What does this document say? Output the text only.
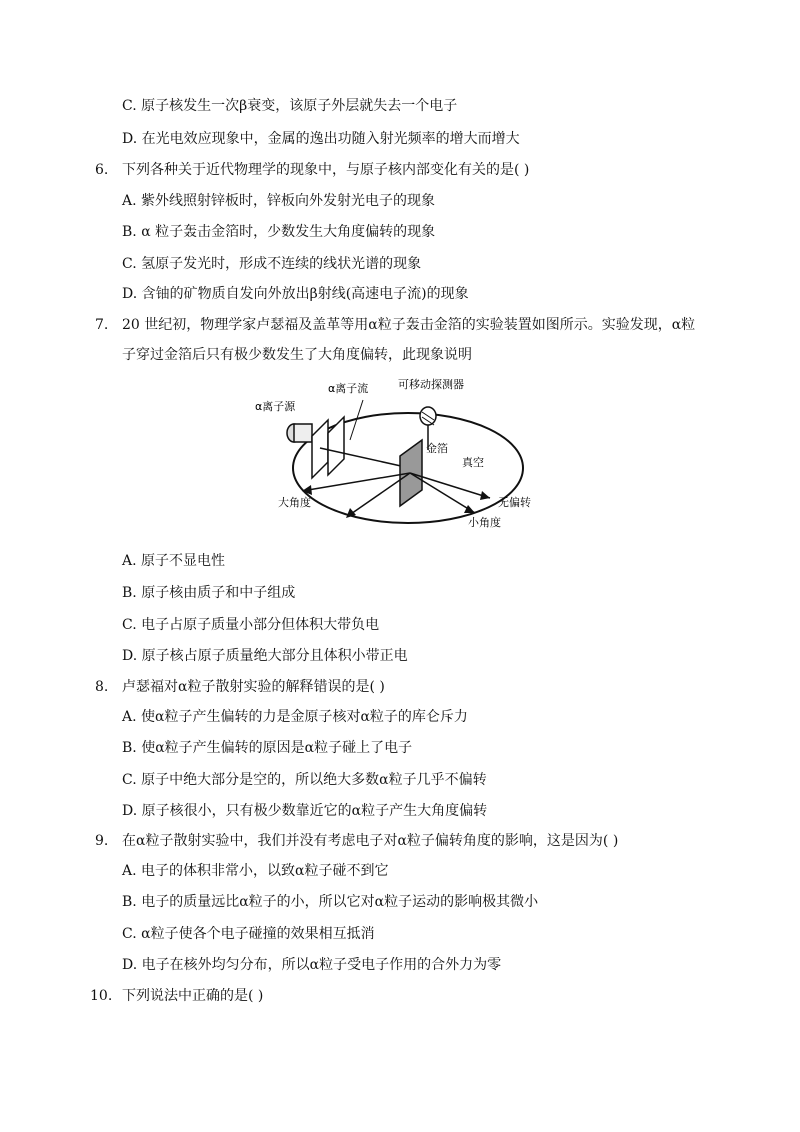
C. 原子核发生一次β衰变，该原子外层就失去一个电子
D. 在光电效应现象中，金属的逸出功随入射光频率的增大而增大
6. 下列各种关于近代物理学的现象中，与原子核内部变化有关的是( )
A. 紫外线照射锌板时，锌板向外发射光电子的现象
B. α 粒子轰击金箔时，少数发生大角度偏转的现象
C. 氢原子发光时，形成不连续的线状光谱的现象
D. 含铀的矿物质自发向外放出β射线(高速电子流)的现象
7. 20 世纪初，物理学家卢瑟福及盖革等用α粒子轰击金箔的实验装置如图所示。实验发现，α粒
子穿过金箔后只有极少数发生了大角度偏转，此现象说明
α离子源
α离子流	可移动探测器
金箔
真空
大角度	无偏转
小角度
A. 原子不显电性
B. 原子核由质子和中子组成
C. 电子占原子质量小部分但体积大带负电
D. 原子核占原子质量绝大部分且体积小带正电
8. 卢瑟福对α粒子散射实验的解释错误的是( )
A. 使α粒子产生偏转的力是金原子核对α粒子的库仑斥力
B. 使α粒子产生偏转的原因是α粒子碰上了电子
C. 原子中绝大部分是空的，所以绝大多数α粒子几乎不偏转
D. 原子核很小，只有极少数靠近它的α粒子产生大角度偏转
9. 在α粒子散射实验中，我们并没有考虑电子对α粒子偏转角度的影响，这是因为( )
A. 电子的体积非常小，以致α粒子碰不到它
B. 电子的质量远比α粒子的小，所以它对α粒子运动的影响极其微小
C. α粒子使各个电子碰撞的效果相互抵消
D. 电子在核外均匀分布，所以α粒子受电子作用的合外力为零
10. 下列说法中正确的是( )
